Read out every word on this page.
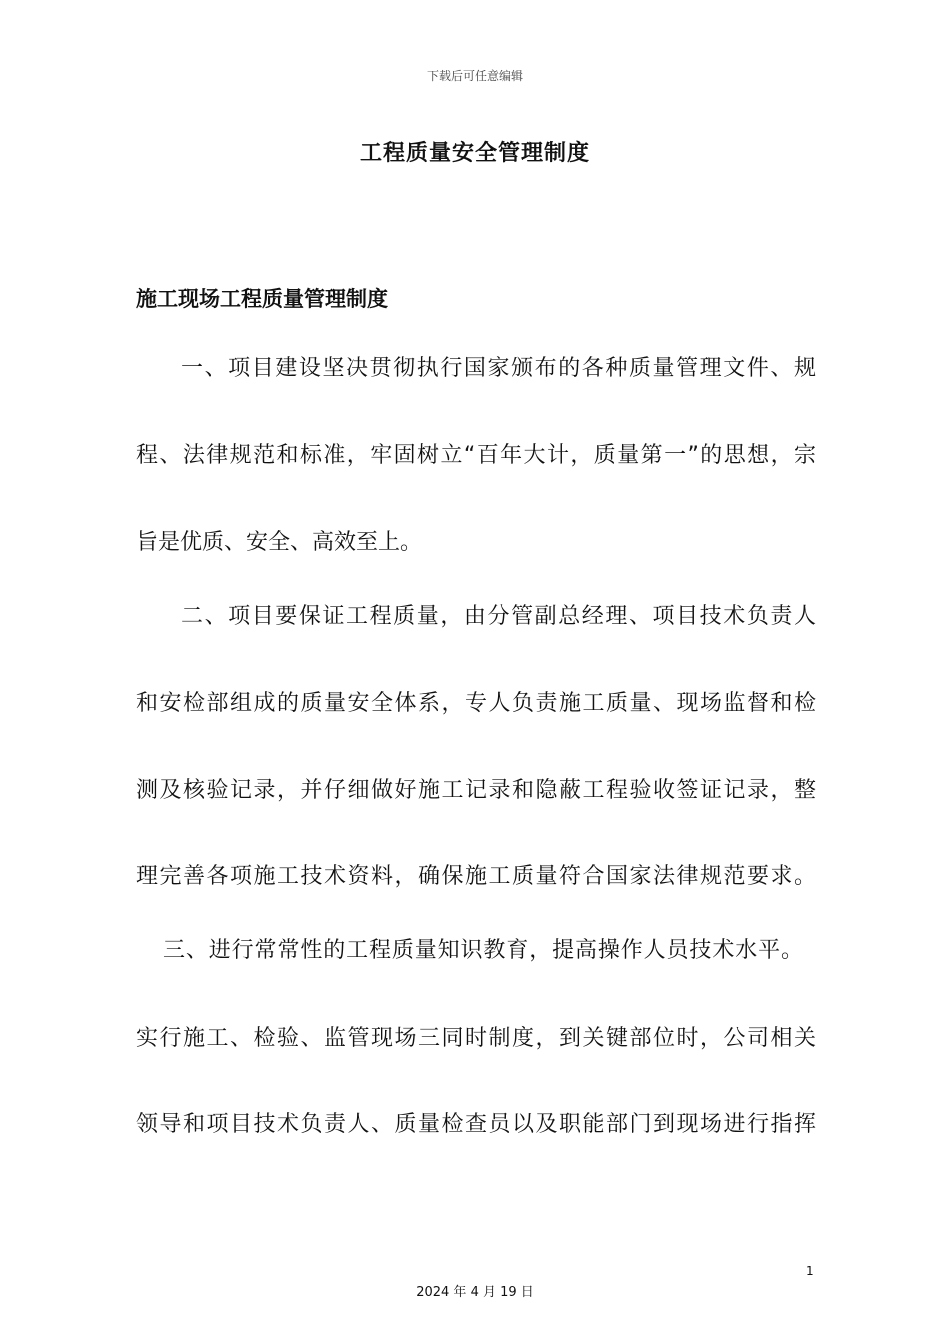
下载后可任意编辑
工程质量安全管理制度
施工现场工程质量管理制度
一、项目建设坚决贯彻执行国家颁布的各种质量管理文件、规
程、法律规范和标准，牢固树立“百年大计，质量第一”的思想，宗
旨是优质、安全、高效至上。
二、项目要保证工程质量，由分管副总经理、项目技术负责人
和安检部组成的质量安全体系，专人负责施工质量、现场监督和检
测及核验记录，并仔细做好施工记录和隐蔽工程验收签证记录，整
理完善各项施工技术资料，确保施工质量符合国家法律规范要求。
三、进行常常性的工程质量知识教育，提高操作人员技术水平。
实行施工、检验、监管现场三同时制度，到关键部位时，公司相关
领导和项目技术负责人、质量检查员以及职能部门到现场进行指挥
1
2024 年 4 月 19 日
